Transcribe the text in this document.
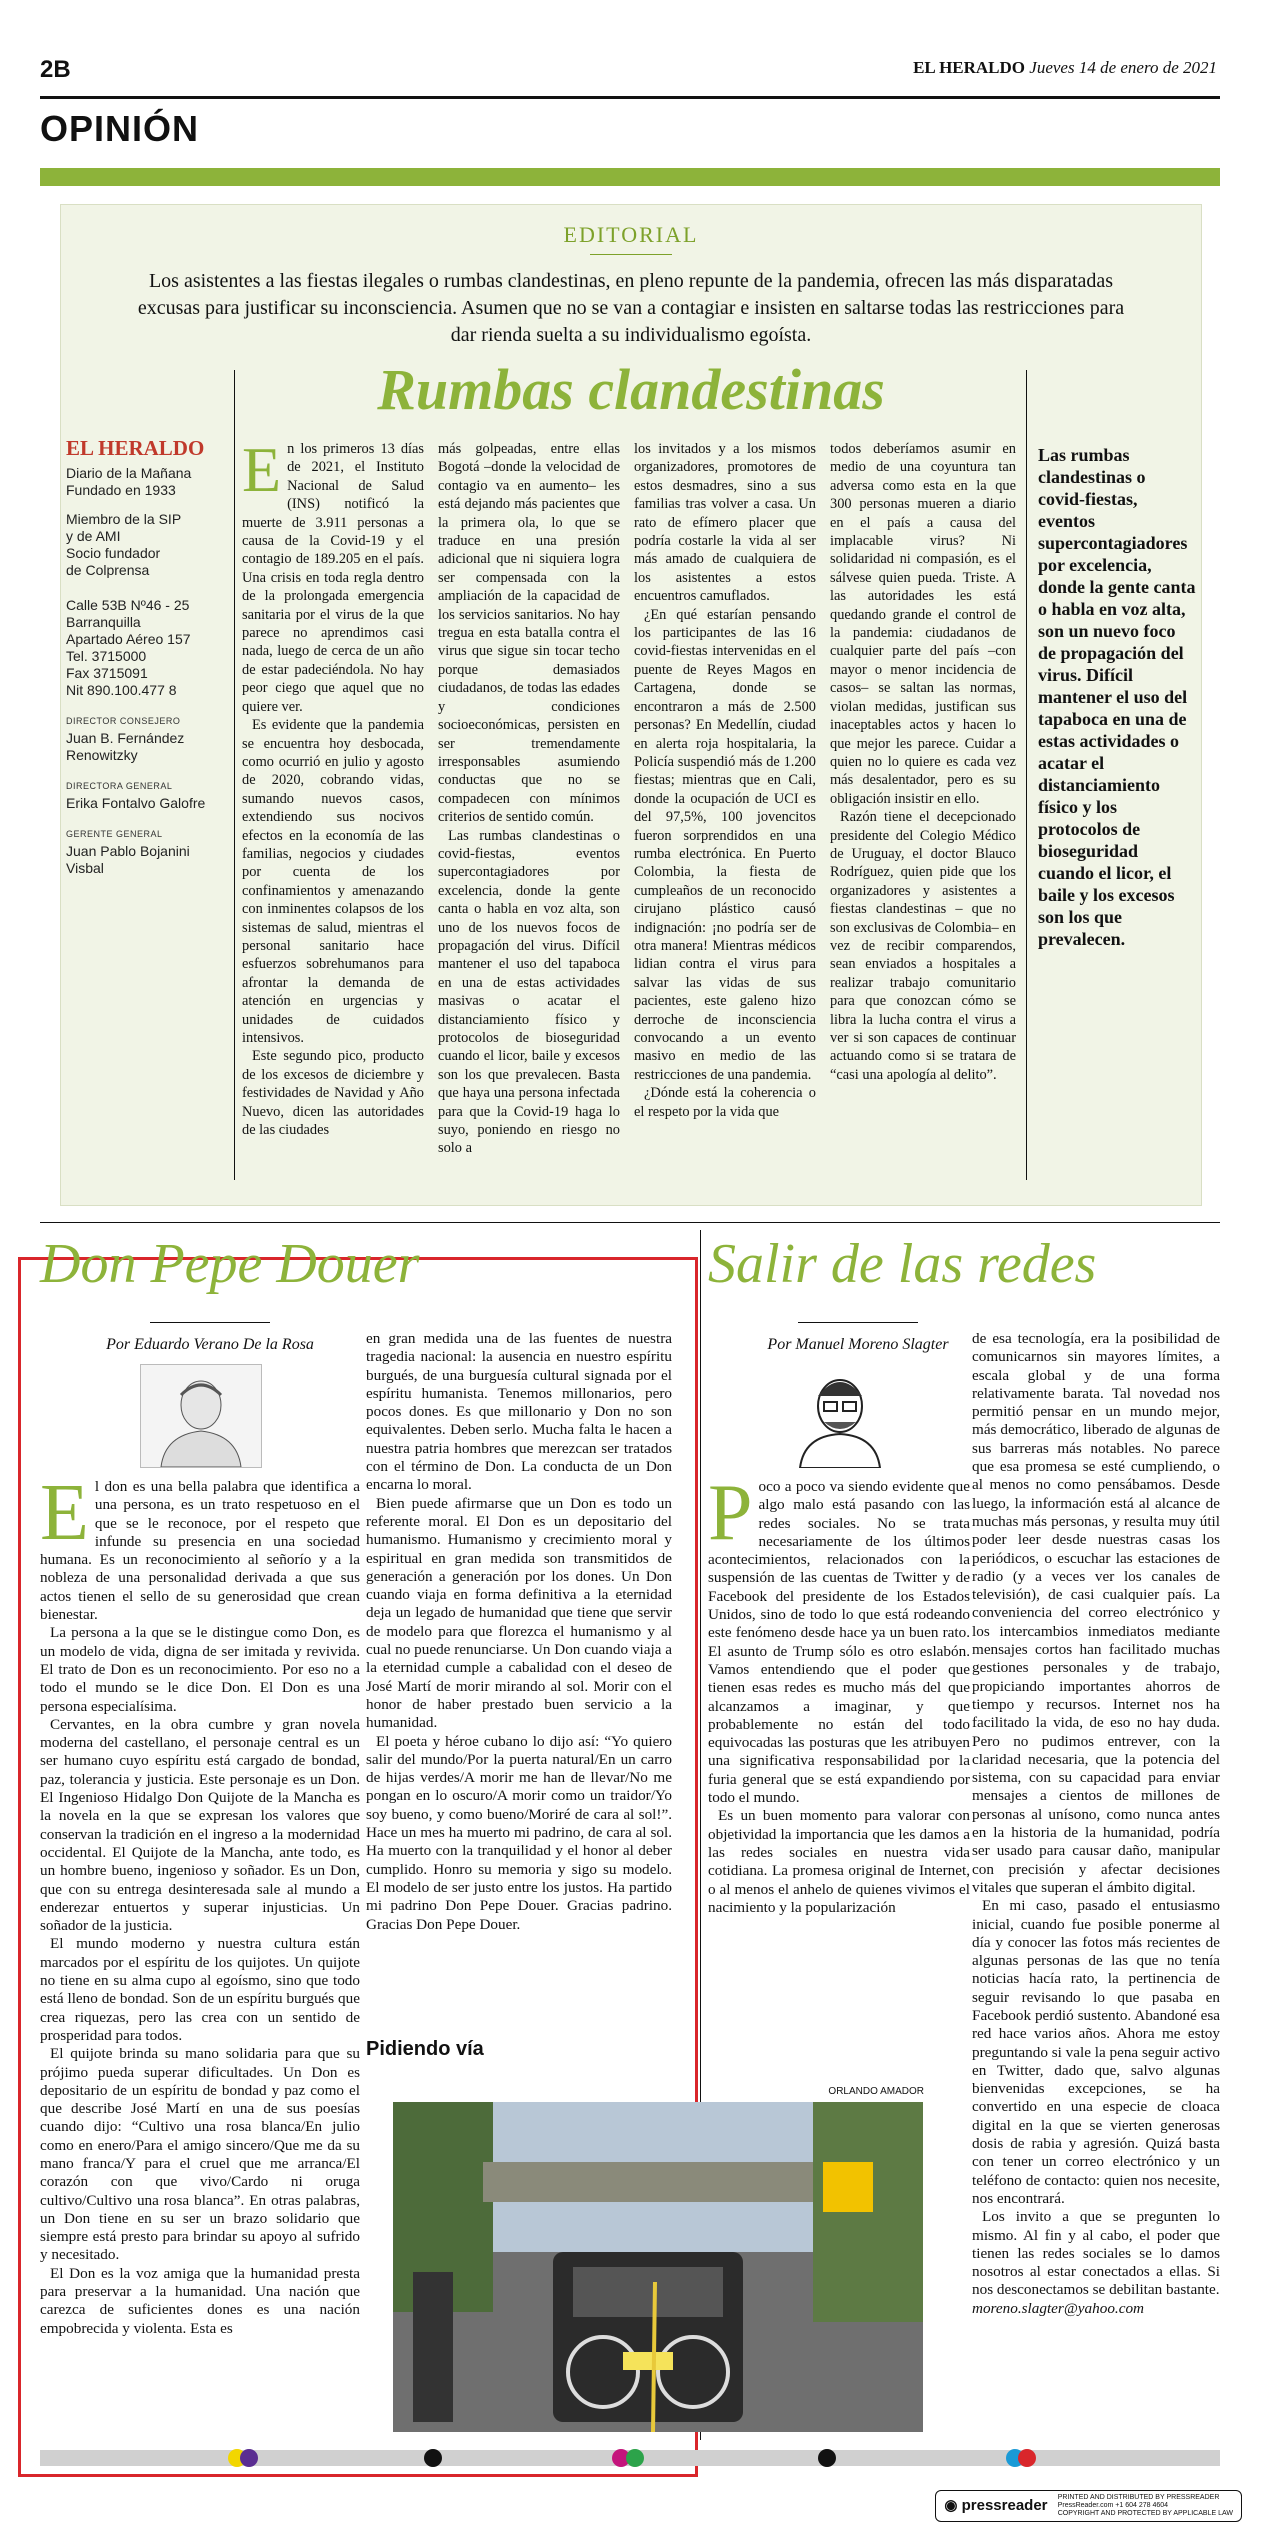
2B	EL HERALDO Jueves 14 de enero de 2021
OPINIÓN
EDITORIAL
Los asistentes a las fiestas ilegales o rumbas clandestinas, en pleno repunte de la pandemia, ofrecen las más disparatadas excusas para justificar su inconsciencia. Asumen que no se van a contagiar e insisten en saltarse todas las restricciones para dar rienda suelta a su individualismo egoísta.
Rumbas clandestinas
EL HERALDO
Diario de la Mañana
Fundado en 1933
Miembro de la SIP
y de AMI
Socio fundador
de Colprensa
Calle 53B Nº46 - 25
Barranquilla
Apartado Aéreo 157
Tel. 3715000
Fax 3715091
Nit 890.100.477 8
DIRECTOR CONSEJERO
Juan B. Fernández Renowitzky
DIRECTORA GENERAL
Erika Fontalvo Galofre
GERENTE GENERAL
Juan Pablo Bojanini Visbal

En los primeros 13 días de 2021, el Instituto Nacional de Salud (INS) notificó la muerte de 3.911 personas a causa de la Covid-19 y el contagio de 189.205 en el país. Una crisis en toda regla dentro de la prolongada emergencia sanitaria por el virus de la que parece no aprendimos casi nada, luego de cerca de un año de estar padeciéndola. No hay peor ciego que aquel que no quiere ver.

Es evidente que la pandemia se encuentra hoy desbocada, como ocurrió en julio y agosto de 2020, cobrando vidas, sumando nuevos casos, extendiendo sus nocivos efectos en la economía de las familias, negocios y ciudades por cuenta de los confinamientos y amenazando con inminentes colapsos de los sistemas de salud, mientras el personal sanitario hace esfuerzos sobrehumanos para afrontar la demanda de atención en urgencias y unidades de cuidados intensivos.

Este segundo pico, producto de los excesos de diciembre y festividades de Navidad y Año Nuevo, dicen las autoridades de las ciudades

más golpeadas, entre ellas Bogotá –donde la velocidad de contagio va en aumento– les está dejando más pacientes que la primera ola, lo que se traduce en una presión adicional que ni siquiera logra ser compensada con la ampliación de la capacidad de los servicios sanitarios. No hay tregua en esta batalla contra el virus que sigue sin tocar techo porque demasiados ciudadanos, de todas las edades y condiciones socioeconómicas, persisten en ser tremendamente irresponsables asumiendo conductas que no se compadecen con mínimos criterios de sentido común.

Las rumbas clandestinas o covid-fiestas, eventos supercontagiadores por excelencia, donde la gente canta o habla en voz alta, son uno de los nuevos focos de propagación del virus. Difícil mantener el uso del tapaboca en una de estas actividades masivas o acatar el distanciamiento físico y protocolos de bioseguridad cuando el licor, baile y excesos son los que prevalecen. Basta que haya una persona infectada para que la Covid-19 haga lo suyo, poniendo en riesgo no solo a

los invitados y a los mismos organizadores, promotores de estos desmadres, sino a sus familias tras volver a casa. Un rato de efímero placer que podría costarle la vida al ser más amado de cualquiera de los asistentes a estos encuentros camuflados.

¿En qué estarían pensando los participantes de las 16 covid-fiestas intervenidas en el puente de Reyes Magos en Cartagena, donde se encontraron a más de 2.500 personas? En Medellín, ciudad en alerta roja hospitalaria, la Policía suspendió más de 1.200 fiestas; mientras que en Cali, donde la ocupación de UCI es del 97,5%, 100 jovencitos fueron sorprendidos en una rumba electrónica. En Puerto Colombia, la fiesta de cumpleaños de un reconocido cirujano plástico causó indignación: ¡no podría ser de otra manera! Mientras médicos lidian contra el virus para salvar las vidas de sus pacientes, este galeno hizo derroche de inconsciencia convocando a un evento masivo en medio de las restricciones de una pandemia.

¿Dónde está la coherencia o el respeto por la vida que

todos deberíamos asumir en medio de una coyuntura tan adversa como esta en la que 300 personas mueren a diario en el país a causa del implacable virus? Ni solidaridad ni compasión, es el sálvese quien pueda. Triste. A las autoridades les está quedando grande el control de la pandemia: ciudadanos de cualquier parte del país –con mayor o menor incidencia de casos– se saltan las normas, violan medidas, justifican sus inaceptables actos y hacen lo que mejor les parece. Cuidar a quien no lo quiere es cada vez más desalentador, pero es su obligación insistir en ello.

Razón tiene el decepcionado presidente del Colegio Médico de Uruguay, el doctor Blauco Rodríguez, quien pide que los organizadores y asistentes a fiestas clandestinas – que no son exclusivas de Colombia– en vez de recibir comparendos, sean enviados a hospitales a realizar trabajo comunitario para que conozcan cómo se libra la lucha contra el virus a ver si son capaces de continuar actuando como si se tratara de “casi una apología al delito”.

Las rumbas clandestinas o covid-fiestas, eventos supercontagiadores por excelencia, donde la gente canta o habla en voz alta, son un nuevo foco de propagación del virus. Difícil mantener el uso del tapaboca en una de estas actividades o acatar el distanciamiento físico y los protocolos de bioseguridad cuando el licor, el baile y los excesos son los que prevalecen.
Don Pepe Douer
Por Eduardo Verano De la Rosa

El don es una bella palabra que identifica a una persona, es un trato respetuoso en el que se le reconoce, por el respeto que infunde su presencia en una sociedad humana. Es un reconocimiento al señorío y a la nobleza de una personalidad derivada a que sus actos tienen el sello de su generosidad que crean bienestar.

La persona a la que se le distingue como Don, es un modelo de vida, digna de ser imitada y revivida. El trato de Don es un reconocimiento. Por eso no a todo el mundo se le dice Don. El Don es una persona especialísima.

Cervantes, en la obra cumbre y gran novela moderna del castellano, el personaje central es un ser humano cuyo espíritu está cargado de bondad, paz, tolerancia y justicia. Este personaje es un Don. El Ingenioso Hidalgo Don Quijote de la Mancha es la novela en la que se expresan los valores que conservan la tradición en el ingreso a la modernidad occidental. El Quijote de la Mancha, ante todo, es un hombre bueno, ingenioso y soñador. Es un Don, que con su entrega desinteresada sale al mundo a enderezar entuertos y superar injusticias. Un soñador de la justicia.

El mundo moderno y nuestra cultura están marcados por el espíritu de los quijotes. Un quijote no tiene en su alma cupo al egoísmo, sino que todo está lleno de bondad. Son de un espíritu burgués que crea riquezas, pero las crea con un sentido de prosperidad para todos.

El quijote brinda su mano solidaria para que su prójimo pueda superar dificultades. Un Don es depositario de un espíritu de bondad y paz como el que describe José Martí en una de sus poesías cuando dijo: “Cultivo una rosa blanca/En julio como en enero/Para el amigo sincero/Que me da su mano franca/Y para el cruel que me arranca/El corazón con que vivo/Cardo ni oruga cultivo/Cultivo una rosa blanca”. En otras palabras, un Don tiene en su ser un brazo solidario que siempre está presto para brindar su apoyo al sufrido y necesitado.

El Don es la voz amiga que la humanidad presta para preservar a la humanidad. Una nación que carezca de suficientes dones es una nación empobrecida y violenta. Esta es

en gran medida una de las fuentes de nuestra tragedia nacional: la ausencia en nuestro espíritu burgués, de una burguesía cultural signada por el espíritu humanista. Tenemos millonarios, pero pocos dones. Es que millonario y Don no son equivalentes. Deben serlo. Mucha falta le hacen a nuestra patria hombres que merezcan ser tratados con el término de Don. La conducta de un Don encarna lo moral.

Bien puede afirmarse que un Don es todo un referente moral. El Don es un depositario del humanismo. Humanismo y crecimiento moral y espiritual en gran medida son transmitidos de generación a generación por los dones. Un Don cuando viaja en forma definitiva a la eternidad deja un legado de humanidad que tiene que servir de modelo para que florezca el humanismo y al cual no puede renunciarse. Un Don cuando viaja a la eternidad cumple a cabalidad con el deseo de José Martí de morir mirando al sol. Morir con el honor de haber prestado buen servicio a la humanidad.

El poeta y héroe cubano lo dijo así: “Yo quiero salir del mundo/Por la puerta natural/En un carro de hijas verdes/A morir me han de llevar/No me pongan en lo oscuro/A morir como un traidor/Yo soy bueno, y como bueno/Moriré de cara al sol!”. Hace un mes ha muerto mi padrino, de cara al sol. Ha muerto con la tranquilidad y el honor al deber cumplido. Honro su memoria y sigo su modelo. El modelo de ser justo entre los justos. Ha partido mi padrino Don Pepe Douer. Gracias padrino. Gracias Don Pepe Douer.

Pidiendo vía
ORLANDO AMADOR
Salir de las redes
Por Manuel Moreno Slagter

Poco a poco va siendo evidente que algo malo está pasando con las redes sociales. No se trata necesariamente de los últimos acontecimientos, relacionados con la suspensión de las cuentas de Twitter y de Facebook del presidente de los Estados Unidos, sino de todo lo que está rodeando este fenómeno desde hace ya un buen rato. El asunto de Trump sólo es otro eslabón. Vamos entendiendo que el poder que tienen esas redes es mucho más del que alcanzamos a imaginar, y que probablemente no están del todo equivocadas las posturas que les atribuyen una significativa responsabilidad por la furia general que se está expandiendo por todo el mundo.

Es un buen momento para valorar con objetividad la importancia que les damos a las redes sociales en nuestra vida cotidiana. La promesa original de Internet, o al menos el anhelo de quienes vivimos el nacimiento y la popularización

de esa tecnología, era la posibilidad de comunicarnos sin mayores límites, a escala global y de una forma relativamente barata. Tal novedad nos permitió pensar en un mundo mejor, más democrático, liberado de algunas de sus barreras más notables. No parece que esa promesa se esté cumpliendo, o al menos no como pensábamos. Desde luego, la información está al alcance de muchas más personas, y resulta muy útil poder leer desde nuestras casas los periódicos, o escuchar las estaciones de radio (y a veces ver los canales de televisión), de casi cualquier país. La conveniencia del correo electrónico y los intercambios inmediatos mediante mensajes cortos han facilitado muchas gestiones personales y de trabajo, propiciando importantes ahorros de tiempo y recursos. Internet nos ha facilitado la vida, de eso no hay duda. Pero no pudimos entrever, con la claridad necesaria, que la potencia del sistema, con su capacidad para enviar mensajes a cientos de millones de personas al unísono, como nunca antes en la historia de la humanidad, podría ser usado para causar daño, manipular con precisión y afectar decisiones vitales que superan el ámbito digital.

En mi caso, pasado el entusiasmo inicial, cuando fue posible ponerme al día y conocer las fotos más recientes de algunas personas de las que no tenía noticias hacía rato, la pertinencia de seguir revisando lo que pasaba en Facebook perdió sustento. Abandoné esa red hace varios años. Ahora me estoy preguntando si vale la pena seguir activo en Twitter, dado que, salvo algunas bienvenidas excepciones, se ha convertido en una especie de cloaca digital en la que se vierten generosas dosis de rabia y agresión. Quizá basta con tener un correo electrónico y un teléfono de contacto: quien nos necesite, nos encontrará.

Los invito a que se pregunten lo mismo. Al fin y al cabo, el poder que tienen las redes sociales se lo damos nosotros al estar conectados a ellas. Si nos desconectamos se debilitan bastante.

moreno.slagter@yahoo.com

◉ pressreader PRINTED AND DISTRIBUTED BY PRESSREADER
PressReader.com +1 604 278 4604
COPYRIGHT AND PROTECTED BY APPLICABLE LAW
